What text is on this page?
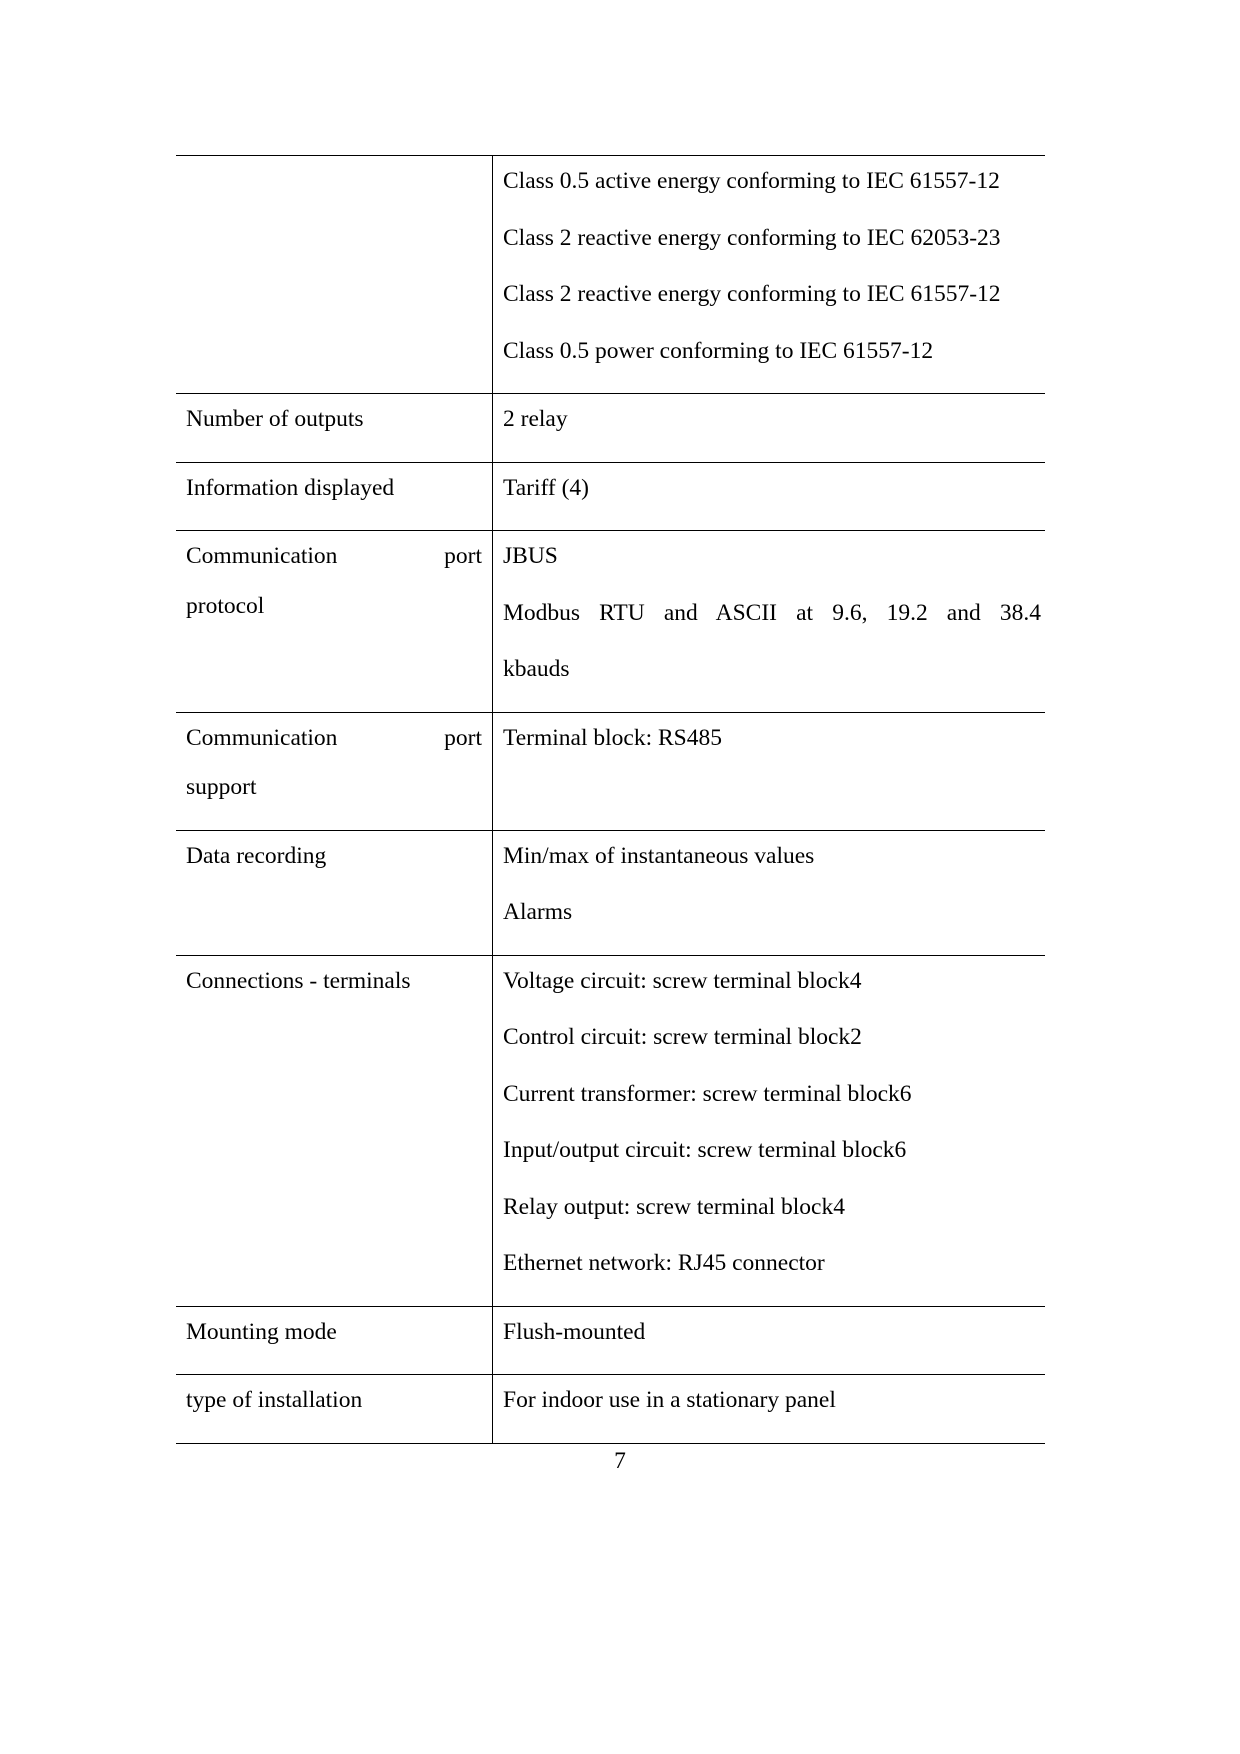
	Class 0.5 active energy conforming to IEC 61557-12
Class 2 reactive energy conforming to IEC 62053-23
Class 2 reactive energy conforming to IEC 61557-12
Class 0.5 power conforming to IEC 61557-12

Number of outputs	2 relay

Information displayed	Tariff (4)

Communication port
protocol	JBUS
Modbus RTU and ASCII at 9.6, 19.2 and 38.4
kbauds

Communication port
support	Terminal block: RS485

Data recording	Min/max of instantaneous values
Alarms

Connections - terminals	Voltage circuit: screw terminal block4
Control circuit: screw terminal block2
Current transformer: screw terminal block6
Input/output circuit: screw terminal block6
Relay output: screw terminal block4
Ethernet network: RJ45 connector

Mounting mode	Flush-mounted

type of installation	For indoor use in a stationary panel
7
